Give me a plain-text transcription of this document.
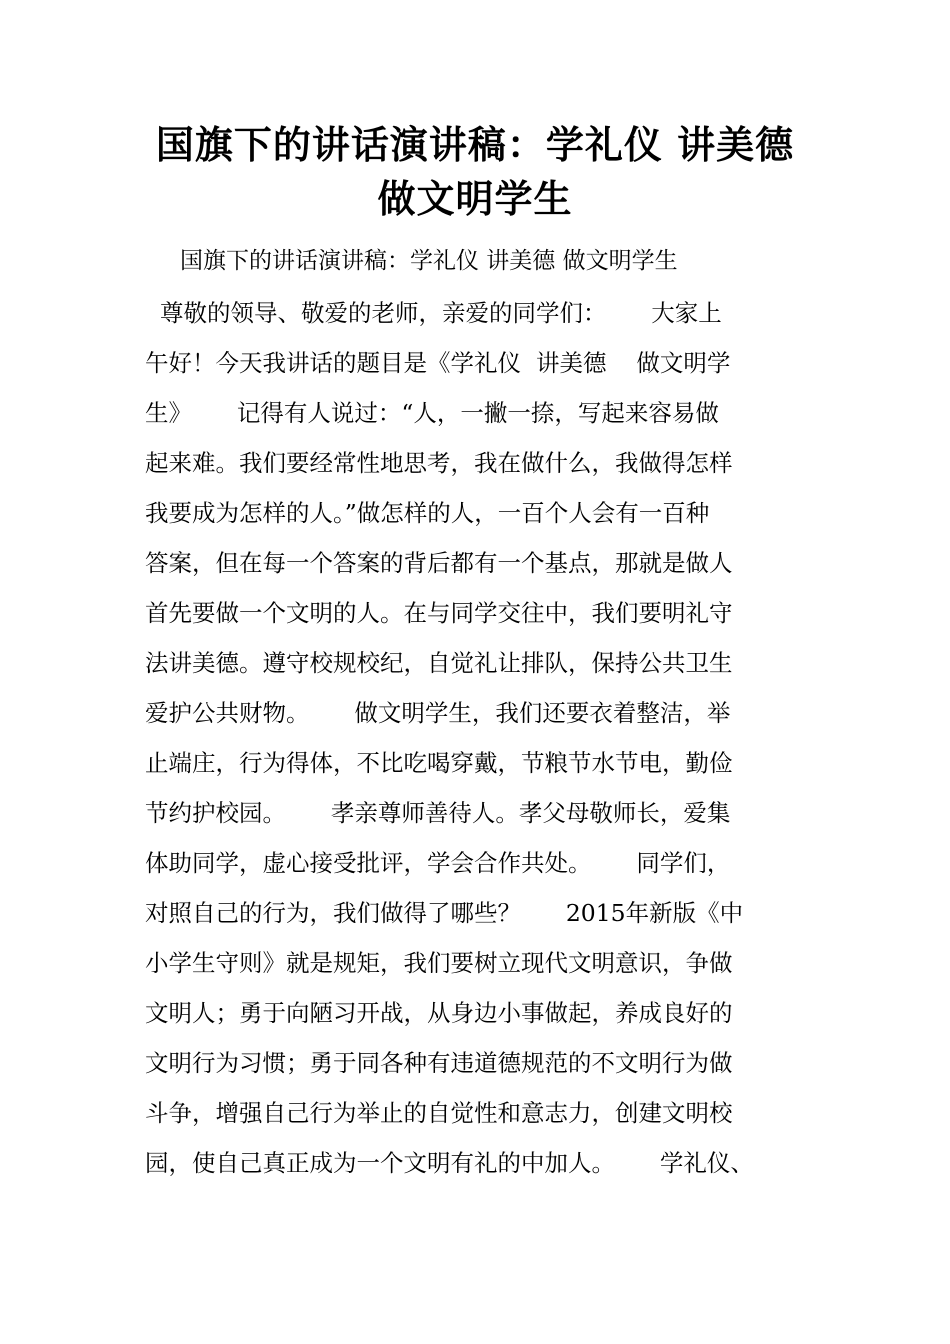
国旗下的讲话演讲稿：学礼仪 讲美德
做文明学生
国旗下的讲话演讲稿：学礼仪 讲美德 做文明学生
尊敬的领导、敬爱的老师，亲爱的同学们：      大家上
午好！今天我讲话的题目是《学礼仪  讲美德    做文明学
生》      记得有人说过：“人，一撇一捺，写起来容易做
起来难。我们要经常性地思考，我在做什么，我做得怎样
我要成为怎样的人。”做怎样的人，一百个人会有一百种
答案，但在每一个答案的背后都有一个基点，那就是做人
首先要做一个文明的人。在与同学交往中，我们要明礼守
法讲美德。遵守校规校纪，自觉礼让排队，保持公共卫生
爱护公共财物。      做文明学生，我们还要衣着整洁，举
止端庄，行为得体，不比吃喝穿戴，节粮节水节电，勤俭
节约护校园。      孝亲尊师善待人。孝父母敬师长，爱集
体助同学，虚心接受批评，学会合作共处。      同学们，
对照自己的行为，我们做得了哪些？      2015年新版《中
小学生守则》就是规矩，我们要树立现代文明意识，争做
文明人；勇于向陋习开战，从身边小事做起，养成良好的
文明行为习惯；勇于同各种有违道德规范的不文明行为做
斗争，增强自己行为举止的自觉性和意志力，创建文明校
园，使自己真正成为一个文明有礼的中加人。      学礼仪、
